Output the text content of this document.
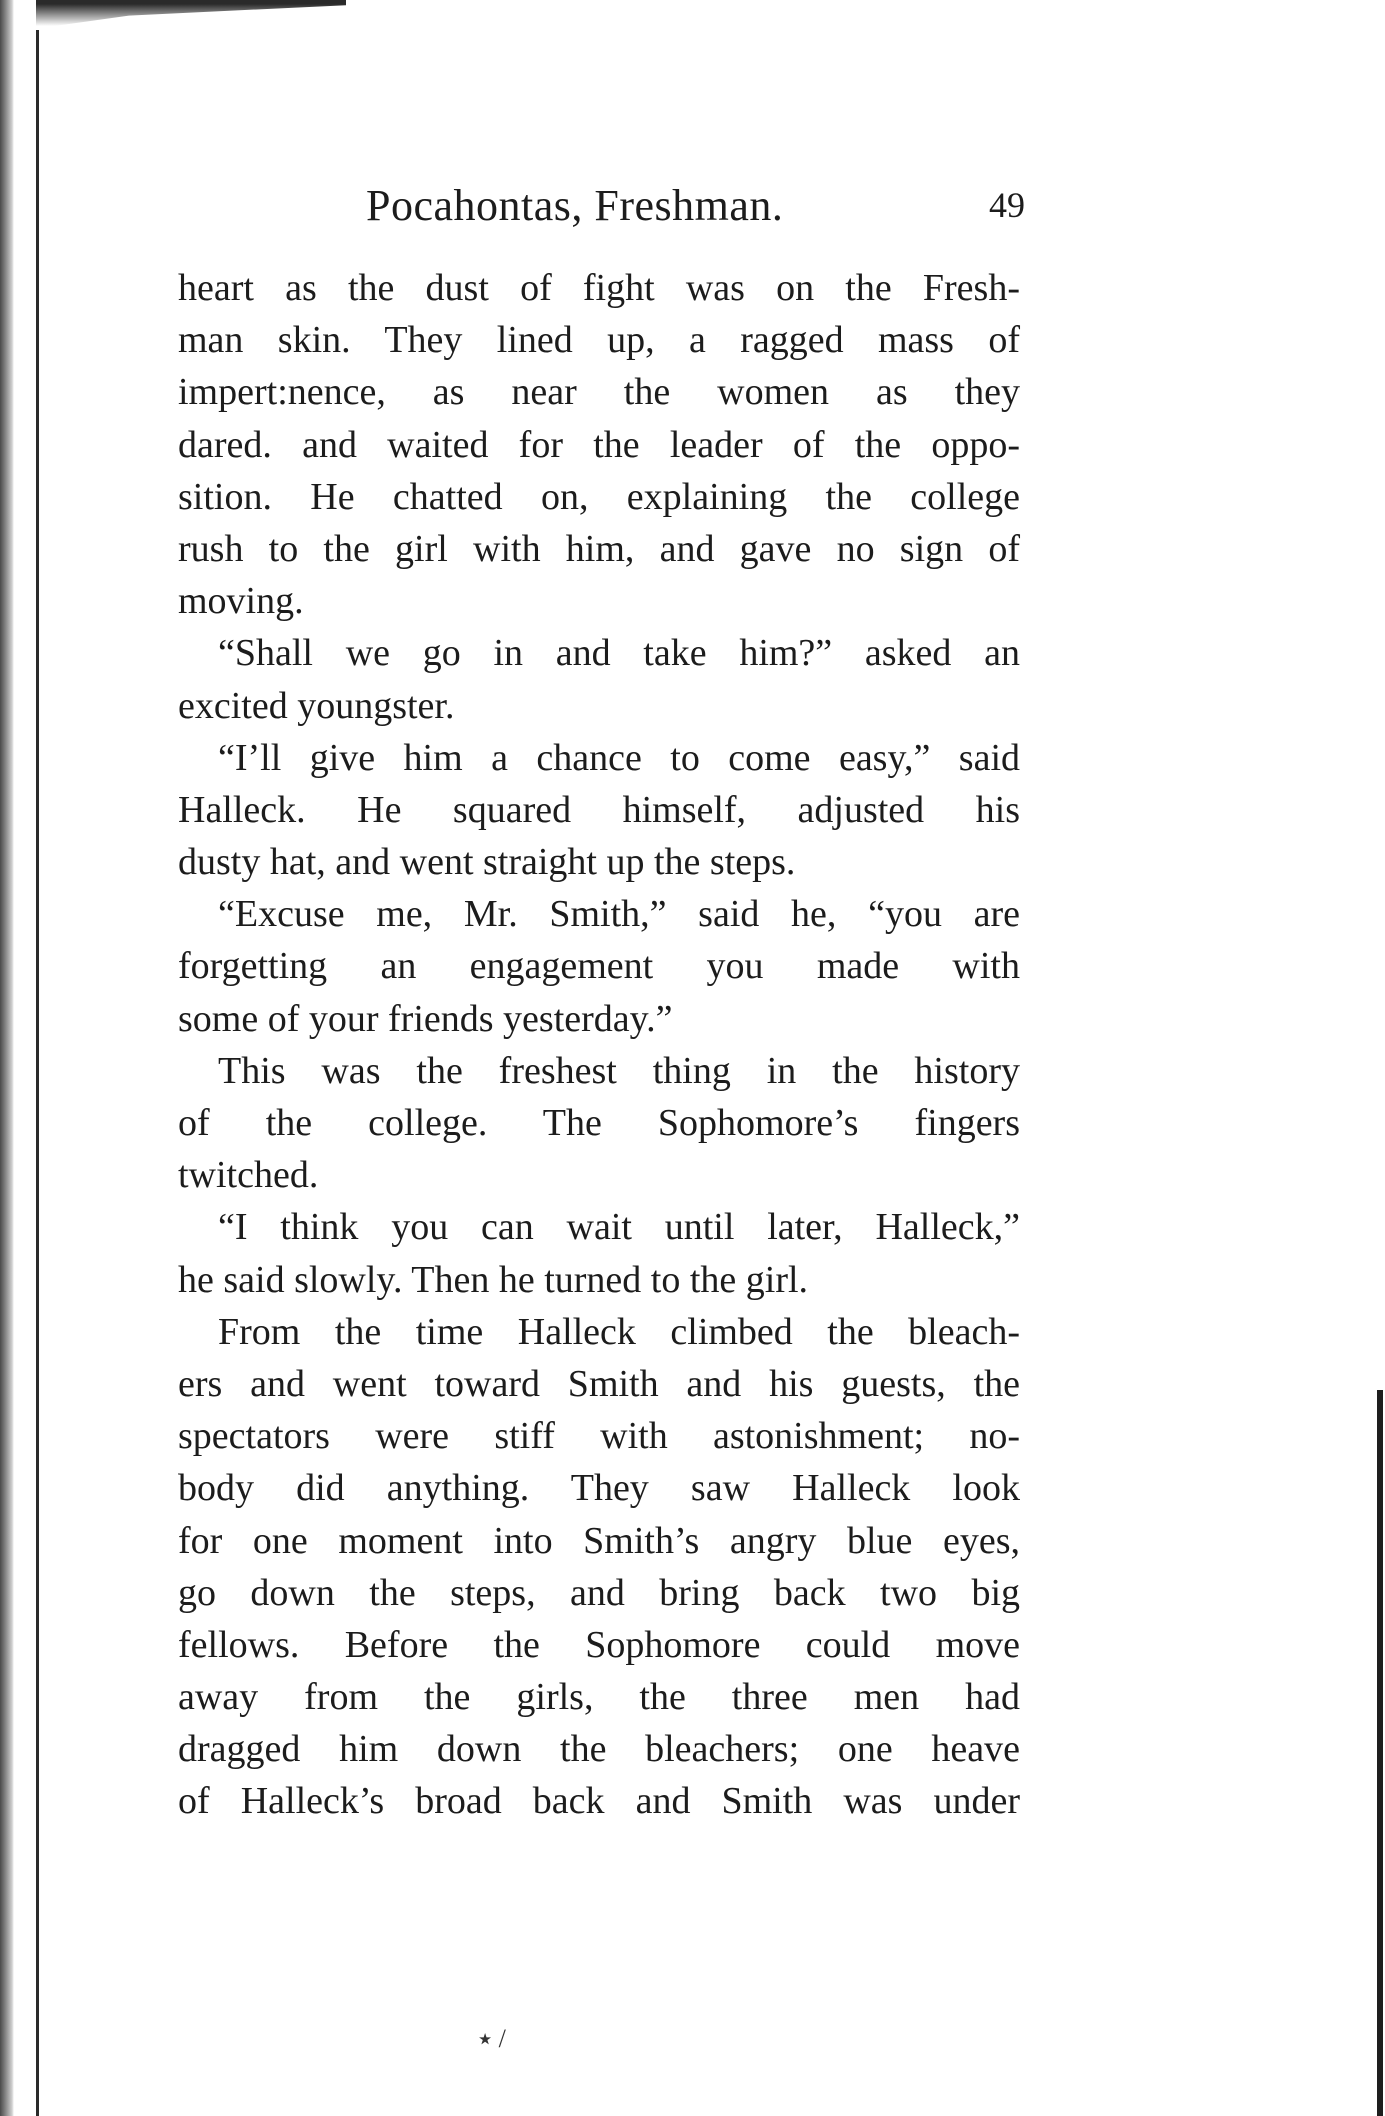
Pocahontas, Freshman.	49
heart as the dust of fight was on the Fresh-
man skin. They lined up, a ragged mass of
impert:nence, as near the women as they
dared. and waited for the leader of the oppo-
sition. He chatted on, explaining the college
rush to the girl with him, and gave no sign of
moving.
“Shall we go in and take him?” asked an
excited youngster.
“I’ll give him a chance to come easy,” said
Halleck. He squared himself, adjusted his
dusty hat, and went straight up the steps.
“Excuse me, Mr. Smith,” said he, “you are
forgetting an engagement you made with
some of your friends yesterday.”
This was the freshest thing in the history
of the college. The Sophomore’s fingers
twitched.
“I think you can wait until later, Halleck,”
he said slowly. Then he turned to the girl.
From the time Halleck climbed the bleach-
ers and went toward Smith and his guests, the
spectators were stiff with astonishment; no-
body did anything. They saw Halleck look
for one moment into Smith’s angry blue eyes,
go down the steps, and bring back two big
fellows. Before the Sophomore could move
away from the girls, the three men had
dragged him down the bleachers; one heave
of Halleck’s broad back and Smith was under
٭ /
